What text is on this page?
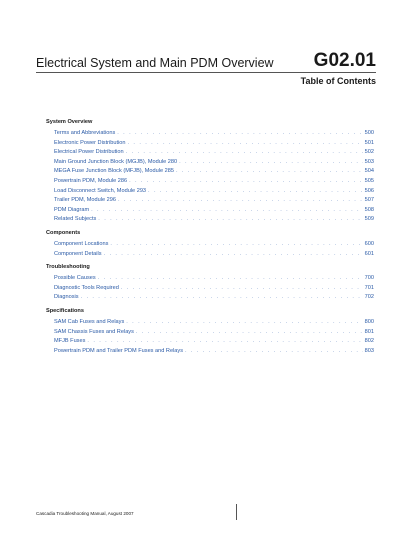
Electrical System and Main PDM Overview G02.01
Table of Contents
System Overview
Terms and Abbreviations . . .	500
Electronic Power Distribution . . .	501
Electrical Power Distribution . . .	502
Main Ground Junction Block (MGJB), Module 280 . . .	503
MEGA Fuse Junction Block (MFJB), Module 285 . . .	504
Powertrain PDM, Module 286 . . .	505
Load Disconnect Switch, Module 293 . . .	506
Trailer PDM, Module 296 . . .	507
PDM Diagram . . .	508
Related Subjects . . .	509
Components
Component Locations . . .	600
Component Details . . .	601
Troubleshooting
Possible Causes . . .	700
Diagnostic Tools Required . . .	701
Diagnosis . . .	702
Specifications
SAM Cab Fuses and Relays . . .	800
SAM Chassis Fuses and Relays . . .	801
MFJB Fuses . . .	802
Powertrain PDM and Trailer PDM Fuses and Relays . . .	803
Cascadia Troubleshooting Manual, August 2007
